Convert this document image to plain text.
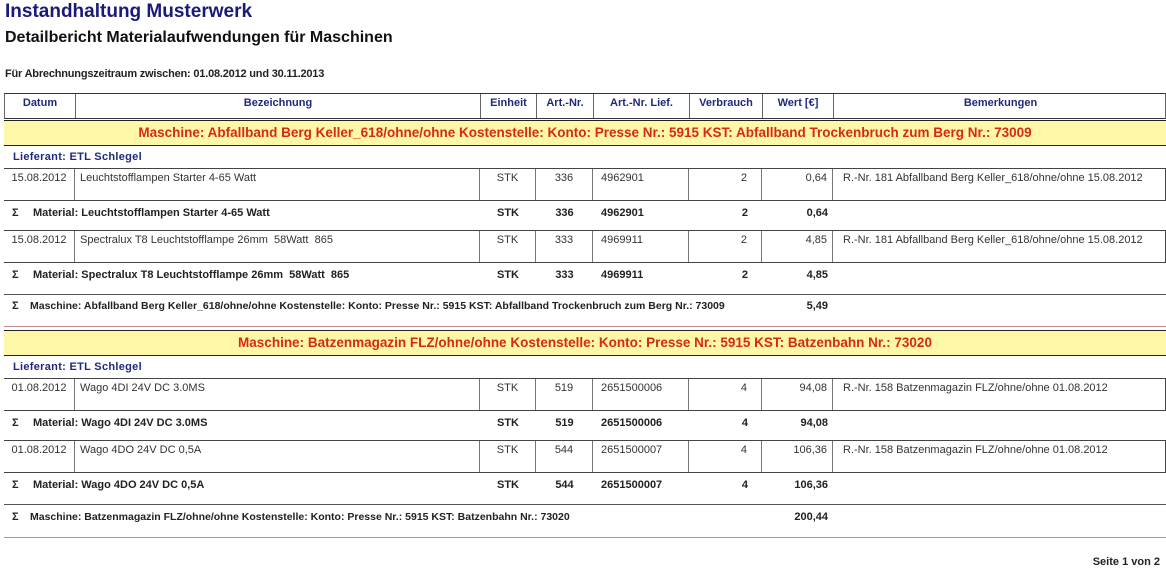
Instandhaltung Musterwerk
Detailbericht Materialaufwendungen für Maschinen
Für Abrechnungszeitraum zwischen: 01.08.2012 und 30.11.2013
Datum	Bezeichnung	Einheit	Art.-Nr.	Art.-Nr. Lief.	Verbrauch	Wert [€]	Bemerkungen
Maschine: Abfallband Berg Keller_618/ohne/ohne Kostenstelle: Konto: Presse Nr.: 5915 KST: Abfallband Trockenbruch zum Berg Nr.: 73009
Lieferant: ETL Schlegel
15.08.2012	Leuchtstofflampen Starter 4-65 Watt	STK	336	4962901	2	0,64	R.-Nr. 181 Abfallband Berg Keller_618/ohne/ohne 15.08.2012
Σ Material: Leuchtstofflampen Starter 4-65 Watt	STK	336	4962901	2	0,64
15.08.2012	Spectralux T8 Leuchtstofflampe 26mm  58Watt  865	STK	333	4969911	2	4,85	R.-Nr. 181 Abfallband Berg Keller_618/ohne/ohne 15.08.2012
Σ Material: Spectralux T8 Leuchtstofflampe 26mm  58Watt  865	STK	333	4969911	2	4,85
Σ Maschine: Abfallband Berg Keller_618/ohne/ohne Kostenstelle: Konto: Presse Nr.: 5915 KST: Abfallband Trockenbruch zum Berg Nr.: 73009	5,49
Maschine: Batzenmagazin FLZ/ohne/ohne Kostenstelle: Konto: Presse Nr.: 5915 KST: Batzenbahn Nr.: 73020
Lieferant: ETL Schlegel
01.08.2012	Wago 4DI 24V DC 3.0MS	STK	519	2651500006	4	94,08	R.-Nr. 158 Batzenmagazin FLZ/ohne/ohne 01.08.2012
Σ Material: Wago 4DI 24V DC 3.0MS	STK	519	2651500006	4	94,08
01.08.2012	Wago 4DO 24V DC 0,5A	STK	544	2651500007	4	106,36	R.-Nr. 158 Batzenmagazin FLZ/ohne/ohne 01.08.2012
Σ Material: Wago 4DO 24V DC 0,5A	STK	544	2651500007	4	106,36
Σ Maschine: Batzenmagazin FLZ/ohne/ohne Kostenstelle: Konto: Presse Nr.: 5915 KST: Batzenbahn Nr.: 73020	200,44
Seite 1 von 2
